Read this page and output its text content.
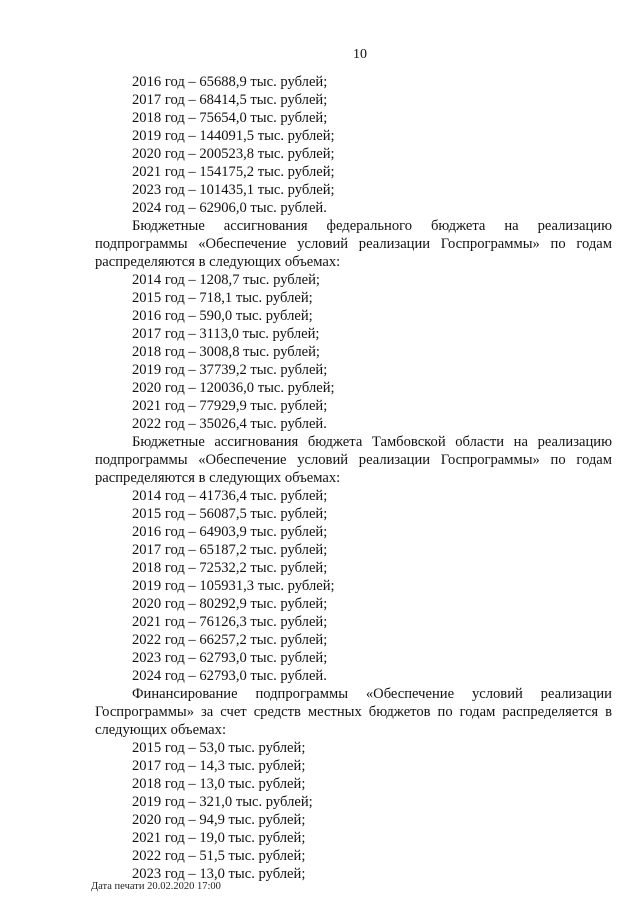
10
2016 год – 65688,9 тыс. рублей;
2017 год – 68414,5 тыс. рублей;
2018 год – 75654,0 тыс. рублей;
2019 год – 144091,5 тыс. рублей;
2020 год – 200523,8 тыс. рублей;
2021 год – 154175,2 тыс. рублей;
2023 год – 101435,1 тыс. рублей;
2024 год – 62906,0 тыс. рублей.
Бюджетные ассигнования федерального бюджета на реализацию подпрограммы «Обеспечение условий реализации Госпрограммы» по годам распределяются в следующих объемах:
2014 год – 1208,7 тыс. рублей;
2015 год – 718,1 тыс. рублей;
2016 год – 590,0 тыс. рублей;
2017 год – 3113,0 тыс. рублей;
2018 год – 3008,8 тыс. рублей;
2019 год – 37739,2 тыс. рублей;
2020 год – 120036,0 тыс. рублей;
2021 год – 77929,9 тыс. рублей;
2022 год – 35026,4 тыс. рублей.
Бюджетные ассигнования бюджета Тамбовской области на реализацию подпрограммы «Обеспечение условий реализации Госпрограммы» по годам распределяются в следующих объемах:
2014 год – 41736,4 тыс. рублей;
2015 год – 56087,5 тыс. рублей;
2016 год – 64903,9 тыс. рублей;
2017 год – 65187,2 тыс. рублей;
2018 год – 72532,2 тыс. рублей;
2019 год – 105931,3 тыс. рублей;
2020 год – 80292,9 тыс. рублей;
2021 год – 76126,3 тыс. рублей;
2022 год – 66257,2 тыс. рублей;
2023 год – 62793,0 тыс. рублей;
2024 год – 62793,0 тыс. рублей.
Финансирование подпрограммы «Обеспечение условий реализации Госпрограммы» за счет средств местных бюджетов по годам распределяется в следующих объемах:
2015 год – 53,0 тыс. рублей;
2017 год – 14,3 тыс. рублей;
2018 год – 13,0 тыс. рублей;
2019 год – 321,0 тыс. рублей;
2020 год – 94,9 тыс. рублей;
2021 год – 19,0 тыс. рублей;
2022 год – 51,5 тыс. рублей;
2023 год – 13,0 тыс. рублей;
Дата печати 20.02.2020 17:00
